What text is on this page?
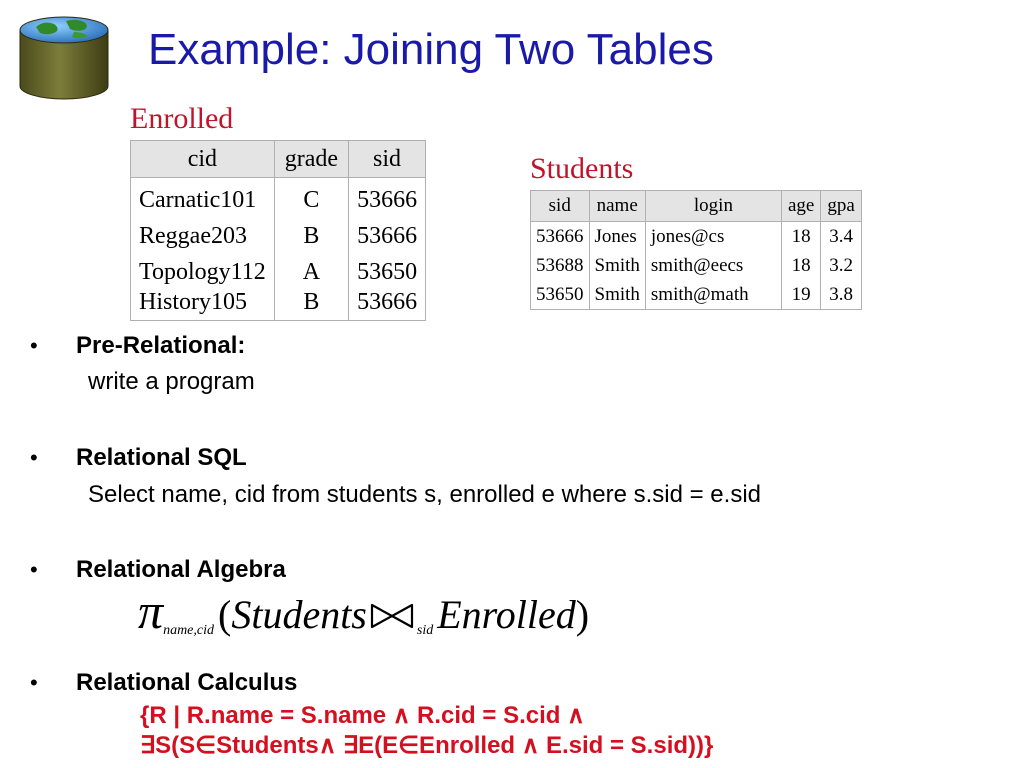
Example: Joining Two Tables
Enrolled
cid	grade	sid
Carnatic101	C	53666
Reggae203	B	53666
Topology112	A	53650
History105	B	53666
Students
sid	name	login	age	gpa
53666	Jones	jones@cs	18	3.4
53688	Smith	smith@eecs	18	3.2
53650	Smith	smith@math	19	3.8
• Pre-Relational:
write a program
• Relational SQL
Select name, cid from students s, enrolled e where s.sid = e.sid
• Relational Algebra
πname,cid (Students	sid Enrolled)
• Relational Calculus
{R | R.name = S.name ∧ R.cid = S.cid ∧
∃S(S∈Students∧ ∃E(E∈Enrolled ∧ E.sid = S.sid))}
